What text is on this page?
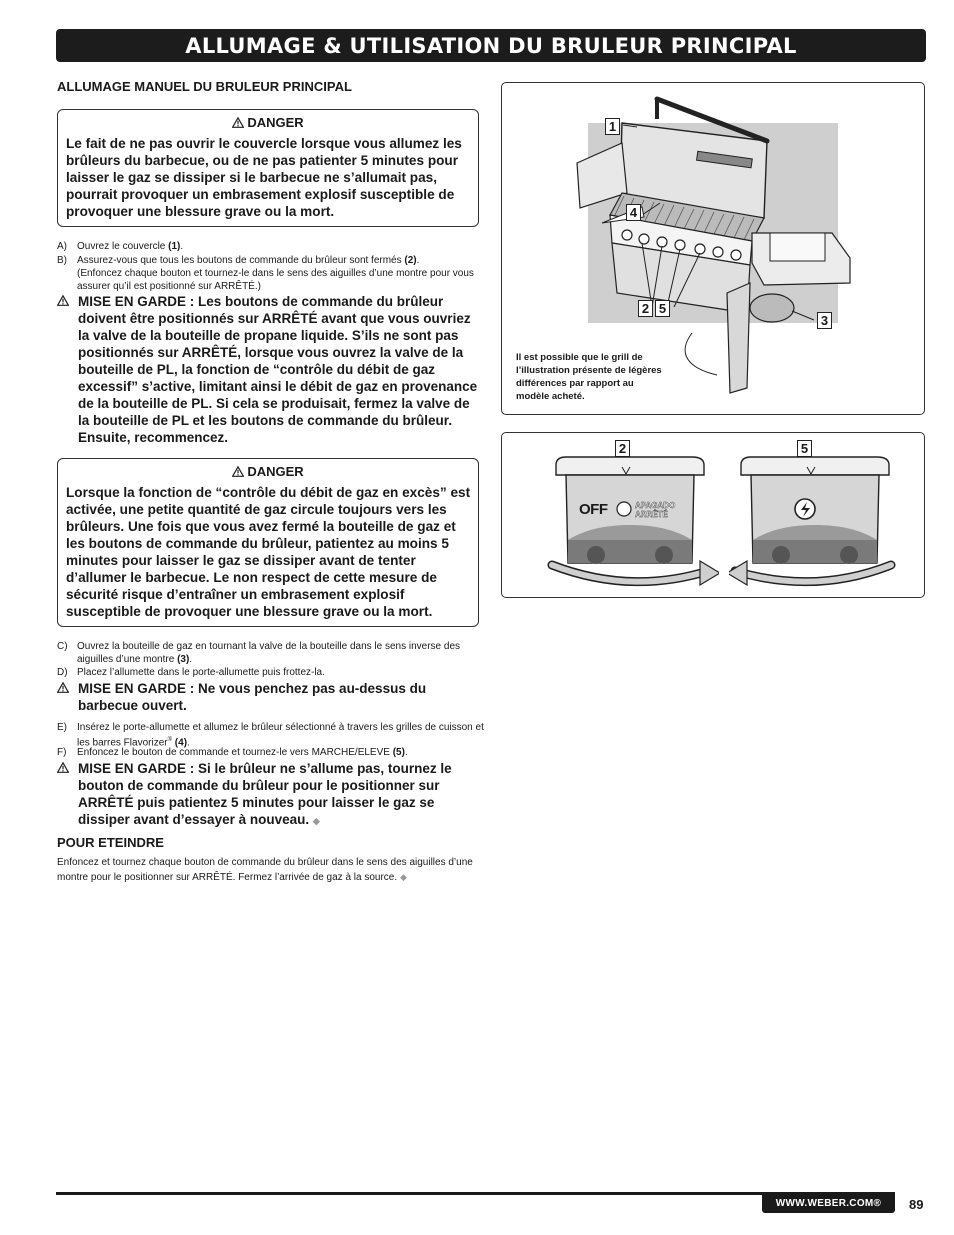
ALLUMAGE & UTILISATION DU BRULEUR PRINCIPAL
ALLUMAGE MANUEL DU BRULEUR PRINCIPAL
DANGER
Le fait de ne pas ouvrir le couvercle lorsque vous allumez les brûleurs du barbecue, ou de ne pas patienter 5 minutes pour laisser le gaz se dissiper si le barbecue ne s’allumait pas, pourrait provoquer un embrasement explosif susceptible de provoquer une blessure grave ou la mort.
A) Ouvrez le couvercle (1).
B) Assurez-vous que tous les boutons de commande du brûleur sont fermés (2).
(Enfoncez chaque bouton et tournez-le dans le sens des aiguilles d’une montre pour vous assurer qu’il est positionné sur ARRÊTÉ.)
MISE EN GARDE : Les boutons de commande du brûleur doivent être positionnés sur ARRÊTÉ avant que vous ouvriez la valve de la bouteille de propane liquide. S’ils ne sont pas positionnés sur ARRÊTÉ, lorsque vous ouvrez la valve de la bouteille de PL, la fonction de “contrôle du débit de gaz excessif” s’active, limitant ainsi le débit de gaz en provenance de la bouteille de PL. Si cela se produisait, fermez la valve de la bouteille de PL et les boutons de commande du brûleur. Ensuite, recommencez.
DANGER
Lorsque la fonction de “contrôle du débit de gaz en excès” est activée, une petite quantité de gaz circule toujours vers les brûleurs. Une fois que vous avez fermé la bouteille de gaz et les boutons de commande du brûleur, patientez au moins 5 minutes pour laisser le gaz se dissiper avant de tenter d’allumer le barbecue. Le non respect de cette mesure de sécurité risque d’entraîner un embrasement explosif susceptible de provoquer une blessure grave ou la mort.
C) Ouvrez la bouteille de gaz en tournant la valve de la bouteille dans le sens inverse des aiguilles d’une montre (3).
D) Placez l’allumette dans le porte-allumette puis frottez-la.
MISE EN GARDE : Ne vous penchez pas au-dessus du barbecue ouvert.
E) Insérez le porte-allumette et allumez le brûleur sélectionné à travers les grilles de cuisson et les barres Flavorizer® (4).
F) Enfoncez le bouton de commande et tournez-le vers MARCHE/ELEVE (5).
MISE EN GARDE : Si le brûleur ne s’allume pas, tournez le bouton de commande du brûleur pour le positionner sur ARRÊTÉ puis patientez 5 minutes pour laisser le gaz se dissiper avant d’essayer à nouveau. ◆
POUR ETEINDRE
Enfoncez et tournez chaque bouton de commande du brûleur dans le sens des aiguilles d’une montre pour le positionner sur ARRÊTÉ. Fermez l’arrivée de gaz à la source. ◆
1
4
2 5
3
Il est possible que le grill de l’illustration présente de légères différences par rapport au modèle acheté.
2	5
OFF	APAGADO
ARRÊTÉ
WWW.WEBER.COM®	89
